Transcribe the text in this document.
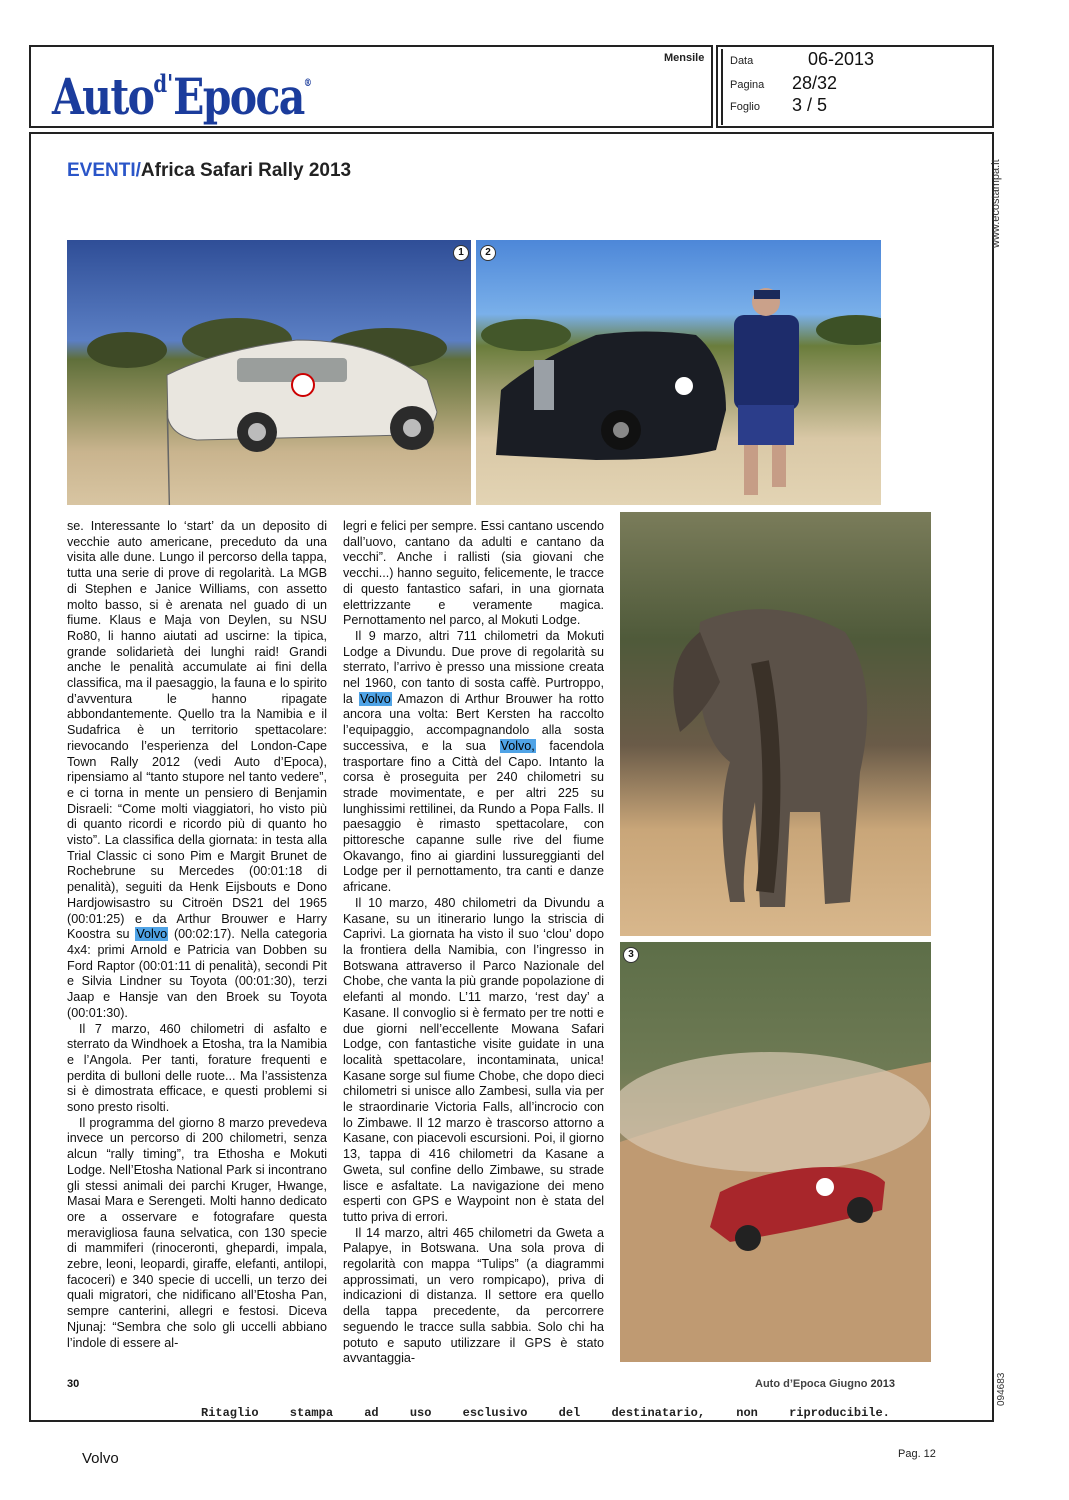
Auto$^{d'}$Epoca®
Mensile Data	06-2013
Pagina 28/32
Foglio 3 / 5
www.ecostampa.it
094683
EVENTI/Africa Safari Rally 2013
1	2
3

se. Interessante lo ‘start’ da un deposito di vecchie auto americane, preceduto da una visita alle dune. Lungo il percorso della tappa, tutta una serie di prove di regolarità. La MGB di Stephen e Janice Williams, con assetto molto basso, si è arenata nel guado di un fiume. Klaus e Maja von Deylen, su NSU Ro80, li hanno aiutati ad uscirne: la tipica, grande solidarietà dei lunghi raid! Grandi anche le penalità accumulate ai fini della classifica, ma il paesaggio, la fauna e lo spirito d’avventura le hanno ripagate abbondantemente. Quello tra la Namibia e il Sudafrica è un territorio spettacolare: rievocando l’esperienza del London-Cape Town Rally 2012 (vedi Auto d’Epoca), ripensiamo al “tanto stupore nel tanto vedere”, e ci torna in mente un pensiero di Benjamin Disraeli: “Come molti viaggiatori, ho visto più di quanto ricordi e ricordo più di quanto ho visto”. La classifica della giornata: in testa alla Trial Classic ci sono Pim e Margit Brunet de Rochebrune su Mercedes (00:01:18 di penalità), seguiti da Henk Eijsbouts e Dono Hardjowisastro su Citroën DS21 del 1965 (00:01:25) e da Arthur Brouwer e Harry Koostra su Volvo (00:02:17). Nella categoria 4x4: primi Arnold e Patricia van Dobben su Ford Raptor (00:01:11 di penalità), secondi Pit e Silvia Lindner su Toyota (00:01:30), terzi Jaap e Hansje van den Broek su Toyota (00:01:30).

Il 7 marzo, 460 chilometri di asfalto e sterrato da Windhoek a Etosha, tra la Namibia e l’Angola. Per tanti, forature frequenti e perdita di bulloni delle ruote... Ma l’assistenza si è dimostrata efficace, e questi problemi si sono presto risolti.

Il programma del giorno 8 marzo prevedeva invece un percorso di 200 chilometri, senza alcun “rally timing”, tra Ethosha e Mokuti Lodge. Nell’Etosha National Park si incontrano gli stessi animali dei parchi Kruger, Hwange, Masai Mara e Serengeti. Molti hanno dedicato ore a osservare e fotografare questa meravigliosa fauna selvatica, con 130 specie di mammiferi (rinoceronti, ghepardi, impala, zebre, leoni, leopardi, giraffe, elefanti, antilopi, facoceri) e 340 specie di uccelli, un terzo dei quali migratori, che nidificano all’Etosha Pan, sempre canterini, allegri e festosi. Diceva Njunaj: “Sembra che solo gli uccelli abbiano l’indole di essere al-

legri e felici per sempre. Essi cantano uscendo dall’uovo, cantano da adulti e cantano da vecchi”. Anche i rallisti (sia giovani che vecchi...) hanno seguito, felicemente, le tracce di questo fantastico safari, in una giornata elettrizzante e veramente magica. Pernottamento nel parco, al Mokuti Lodge.

Il 9 marzo, altri 711 chilometri da Mokuti Lodge a Divundu. Due prove di regolarità su sterrato, l’arrivo è presso una missione creata nel 1960, con tanto di sosta caffè. Purtroppo, la Volvo Amazon di Arthur Brouwer ha rotto ancora una volta: Bert Kersten ha raccolto l’equipaggio, accompagnandolo alla sosta successiva, e la sua Volvo, facendola trasportare fino a Città del Capo. Intanto la corsa è proseguita per 240 chilometri su strade movimentate, e per altri 225 su lunghissimi rettilinei, da Rundo a Popa Falls. Il paesaggio è rimasto spettacolare, con pittoresche capanne sulle rive del fiume Okavango, fino ai giardini lussureggianti del Lodge per il pernottamento, tra canti e danze africane.

Il 10 marzo, 480 chilometri da Divundu a Kasane, su un itinerario lungo la striscia di Caprivi. La giornata ha visto il suo ‘clou’ dopo la frontiera della Namibia, con l’ingresso in Botswana attraverso il Parco Nazionale del Chobe, che vanta la più grande popolazione di elefanti al mondo. L’11 marzo, ‘rest day’ a Kasane. Il convoglio si è fermato per tre notti e due giorni nell’eccellente Mowana Safari Lodge, con fantastiche visite guidate in una località spettacolare, incontaminata, unica! Kasane sorge sul fiume Chobe, che dopo dieci chilometri si unisce allo Zambesi, sulla via per le straordinarie Victoria Falls, all’incrocio con lo Zimbawe. Il 12 marzo è trascorso attorno a Kasane, con piacevoli escursioni. Poi, il giorno 13, tappa di 416 chilometri da Kasane a Gweta, sul confine dello Zimbawe, su strade lisce e asfaltate. La navigazione dei meno esperti con GPS e Waypoint non è stata del tutto priva di errori.

Il 14 marzo, altri 465 chilometri da Gweta a Palapye, in Botswana. Una sola prova di regolarità con mappa “Tulips” (a diagrammi approssimati, un vero rompicapo), priva di indicazioni di distanza. Il settore era quello della tappa precedente, da percorrere seguendo le tracce sulla sabbia. Solo chi ha potuto e saputo utilizzare il GPS è stato avvantaggia-

30	Auto d’Epoca Giugno 2013
Ritaglio stampa ad uso esclusivo del destinatario, non riproducibile.
Volvo	Pag. 12
